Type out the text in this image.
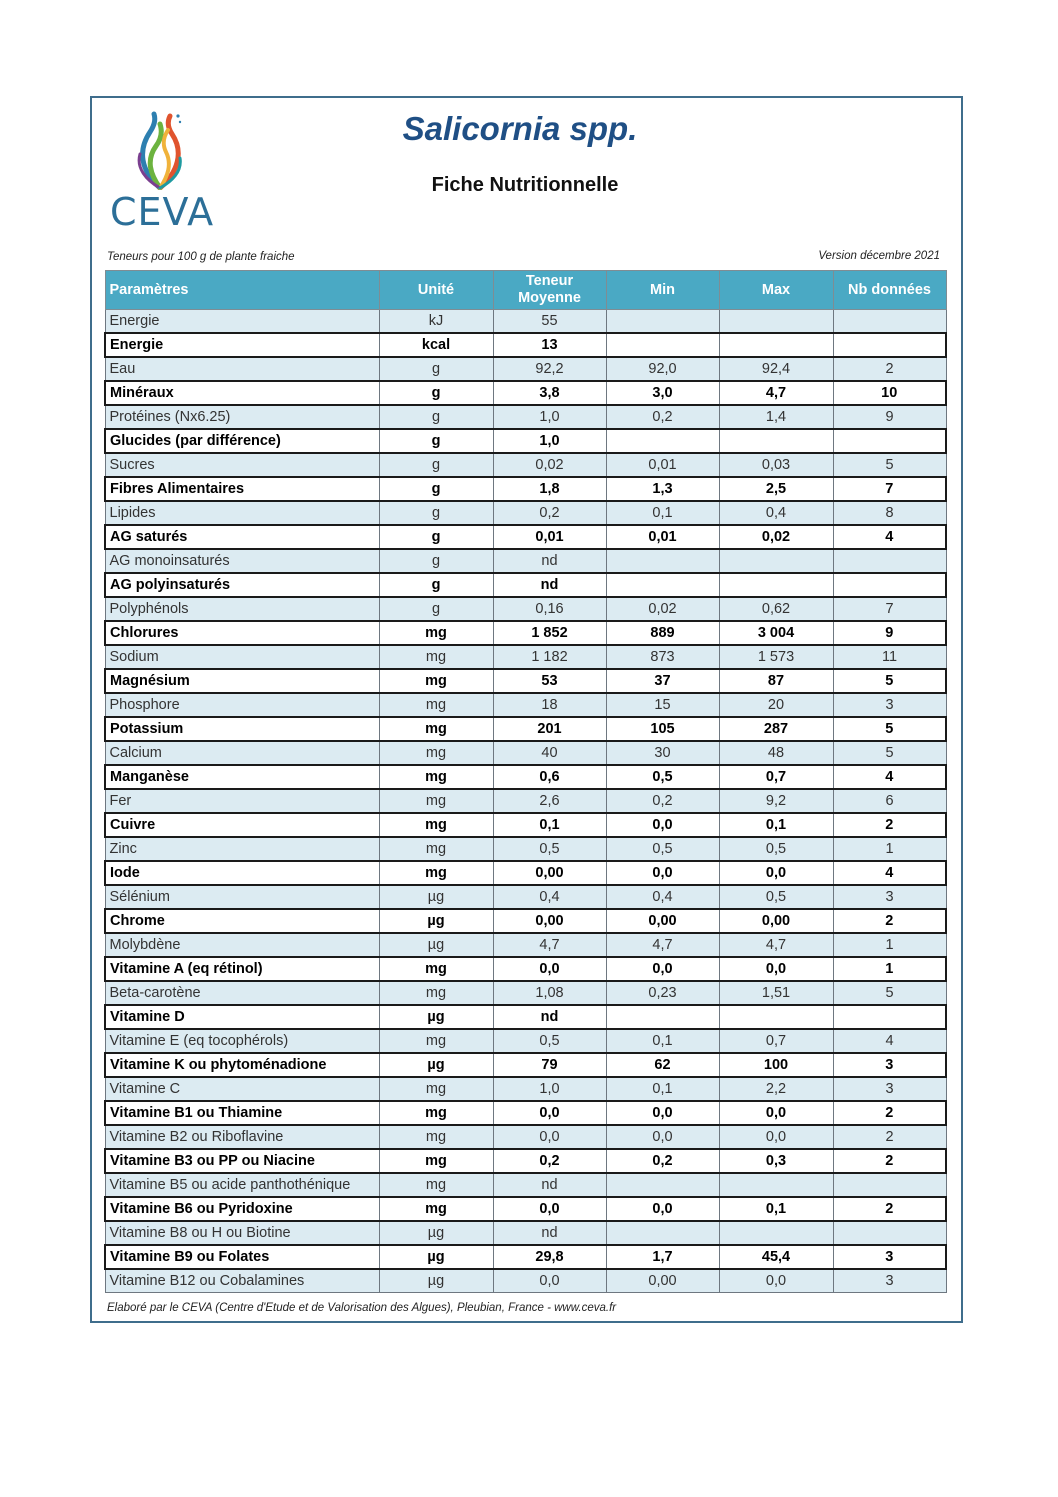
CEVA
Salicornia spp.
Fiche Nutritionnelle
Teneurs pour 100 g de plante fraiche	Version décembre 2021
Paramètres	Unité	Teneur Moyenne	Min	Max	Nb données
Energie	kJ	55			
Energie	kcal	13			
Eau	g	92,2	92,0	92,4	2
Minéraux	g	3,8	3,0	4,7	10
Protéines (Nx6.25)	g	1,0	0,2	1,4	9
Glucides (par différence)	g	1,0			
Sucres	g	0,02	0,01	0,03	5
Fibres Alimentaires	g	1,8	1,3	2,5	7
Lipides	g	0,2	0,1	0,4	8
AG saturés	g	0,01	0,01	0,02	4
AG monoinsaturés	g	nd			
AG polyinsaturés	g	nd			
Polyphénols	g	0,16	0,02	0,62	7
Chlorures	mg	1 852	889	3 004	9
Sodium	mg	1 182	873	1 573	11
Magnésium	mg	53	37	87	5
Phosphore	mg	18	15	20	3
Potassium	mg	201	105	287	5
Calcium	mg	40	30	48	5
Manganèse	mg	0,6	0,5	0,7	4
Fer	mg	2,6	0,2	9,2	6
Cuivre	mg	0,1	0,0	0,1	2
Zinc	mg	0,5	0,5	0,5	1
Iode	mg	0,00	0,0	0,0	4
Sélénium	µg	0,4	0,4	0,5	3
Chrome	µg	0,00	0,00	0,00	2
Molybdène	µg	4,7	4,7	4,7	1
Vitamine A (eq rétinol)	mg	0,0	0,0	0,0	1
Beta-carotène	mg	1,08	0,23	1,51	5
Vitamine D	µg	nd			
Vitamine E (eq tocophérols)	mg	0,5	0,1	0,7	4
Vitamine K ou phytoménadione	µg	79	62	100	3
Vitamine C	mg	1,0	0,1	2,2	3
Vitamine B1 ou Thiamine	mg	0,0	0,0	0,0	2
Vitamine B2 ou Riboflavine	mg	0,0	0,0	0,0	2
Vitamine B3 ou PP ou Niacine	mg	0,2	0,2	0,3	2
Vitamine B5 ou acide panthothénique	mg	nd			
Vitamine B6 ou Pyridoxine	mg	0,0	0,0	0,1	2
Vitamine B8 ou H ou Biotine	µg	nd			
Vitamine B9 ou Folates	µg	29,8	1,7	45,4	3
Vitamine B12 ou Cobalamines	µg	0,0	0,00	0,0	3
Elaboré par le CEVA (Centre d'Etude et de Valorisation des Algues), Pleubian, France - www.ceva.fr
